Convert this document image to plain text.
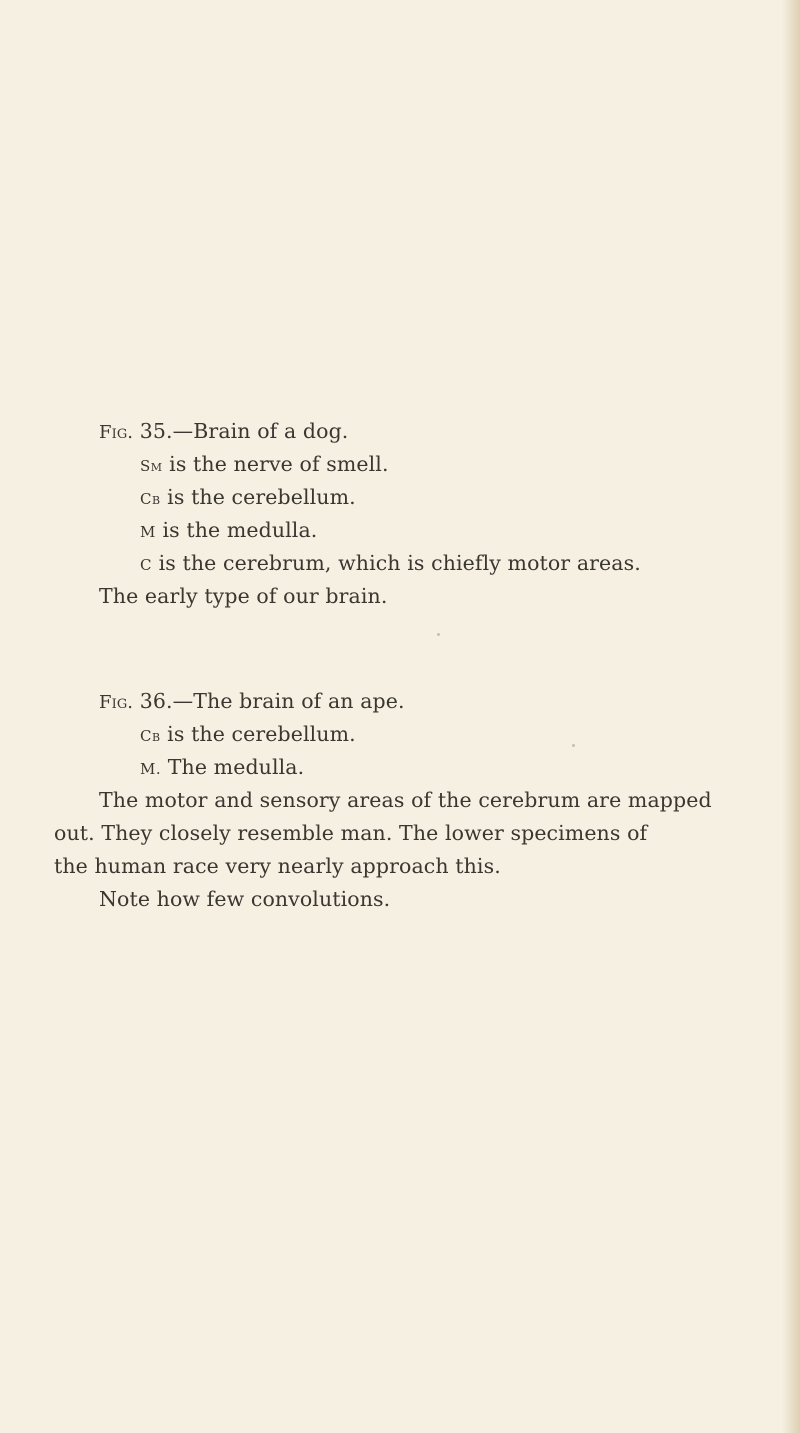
Fig. 35.—Brain of a dog.
Sm is the nerve of smell.
Cb is the cerebellum.
M is the medulla.
C is the cerebrum, which is chiefly motor areas.
The early type of our brain.
Fig. 36.—The brain of an ape.
Cb is the cerebellum.
M. The medulla.
The motor and sensory areas of the cerebrum are mapped
out. They closely resemble man. The lower specimens of
the human race very nearly approach this.
Note how few convolutions.
